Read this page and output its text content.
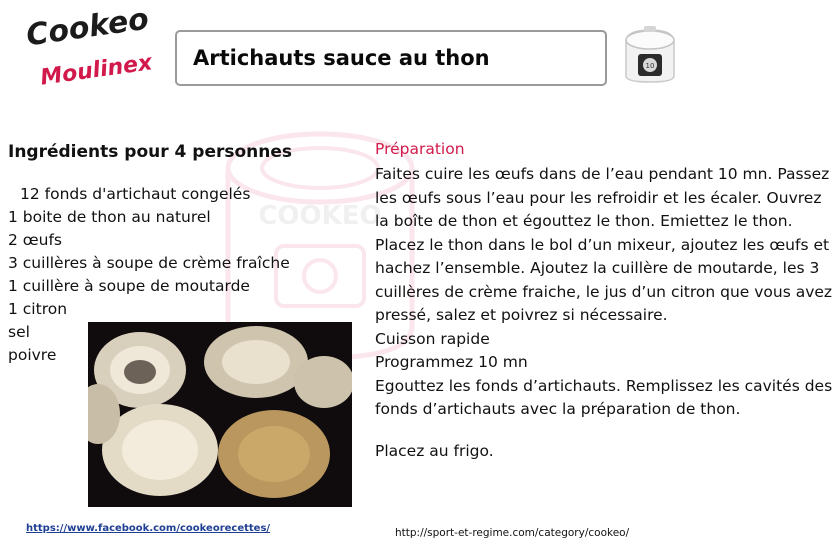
COOKEO
Cookeo
Moulinex Artichauts sauce au thon	10
Ingrédients pour 4 personnes
12 fonds d'artichaut congelés
1 boite de thon au naturel
2 œufs
3 cuillères à soupe de crème fraîche
1 cuillère à soupe de moutarde
1 citron
sel
poivre
Préparation

Faites cuire les œufs dans de l’eau pendant 10 mn. Passez les œufs sous l’eau pour les refroidir et les écaler. Ouvrez la boîte de thon et égouttez le thon. Emiettez le thon. Placez le thon dans le bol d’un mixeur, ajoutez les œufs et hachez l’ensemble. Ajoutez la cuillère de moutarde, les 3 cuillères de crème fraiche, le jus d’un citron que vous avez pressé, salez et poivrez si nécessaire.

Cuisson rapide

Programmez 10 mn

Egouttez les fonds d’artichauts. Remplissez les cavités des fonds d’artichauts avec la préparation de thon.

Placez au frigo.

https://www.facebook.com/cookeorecettes/	http://sport-et-regime.com/category/cookeo/
